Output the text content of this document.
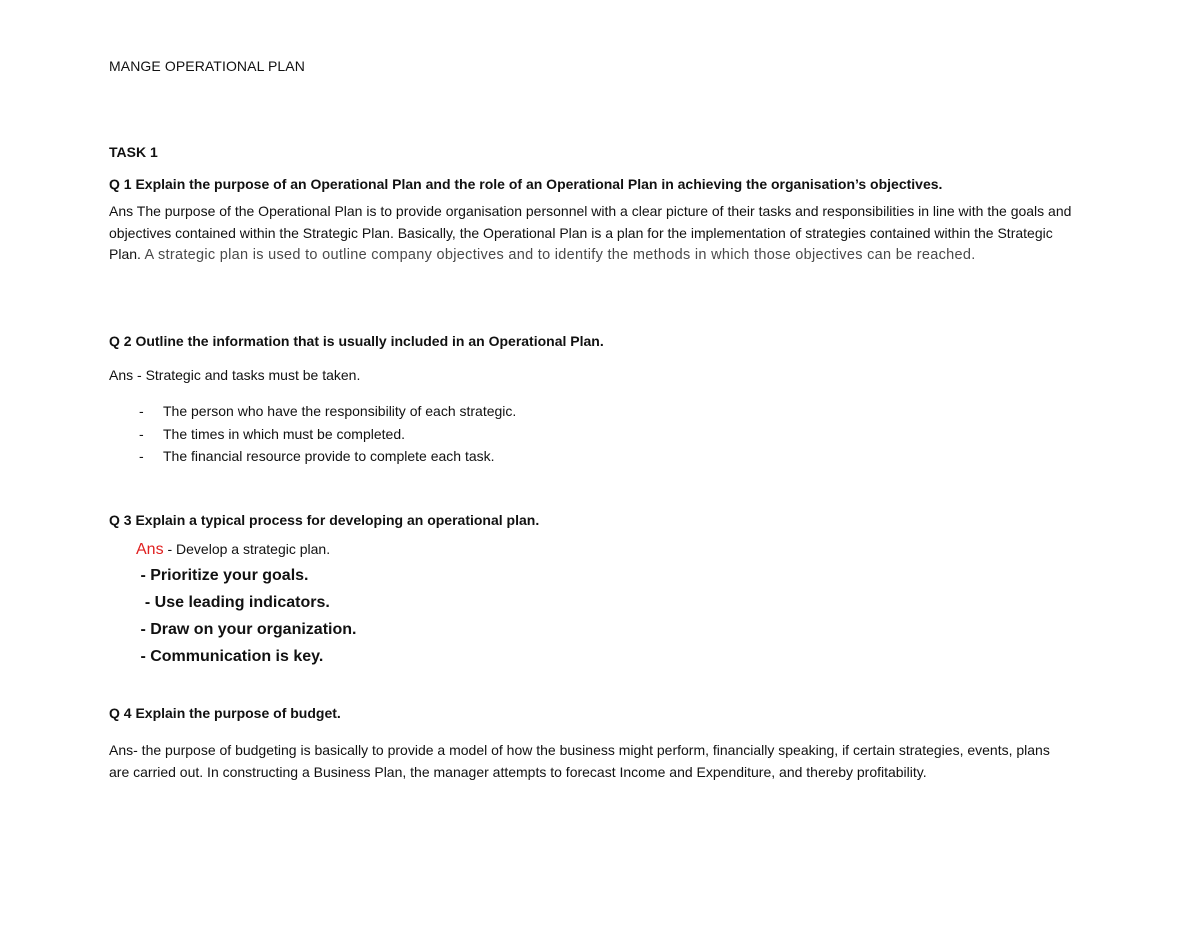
MANGE OPERATIONAL PLAN
TASK 1
Q 1 Explain the purpose of an Operational Plan and the role of an Operational Plan in achieving the organisation’s objectives.
Ans The purpose of the Operational Plan is to provide organisation personnel with a clear picture of their tasks and responsibilities in line with the goals and objectives contained within the Strategic Plan. Basically, the Operational Plan is a plan for the implementation of strategies contained within the Strategic Plan. A strategic plan is used to outline company objectives and to identify the methods in which those objectives can be reached.
Q 2 Outline the information that is usually included in an Operational Plan.
Ans - Strategic and tasks must be taken.
- The person who have the responsibility of each strategic.
- The times in which must be completed.
- The financial resource provide to complete each task.
Q 3 Explain a typical process for developing an operational plan.
Ans - Develop a strategic plan.
- Prioritize your goals.
- Use leading indicators.
- Draw on your organization.
- Communication is key.
Q 4 Explain the purpose of budget.
Ans- the purpose of budgeting is basically to provide a model of how the business might perform, financially speaking, if certain strategies, events, plans are carried out. In constructing a Business Plan, the manager attempts to forecast Income and Expenditure, and thereby profitability.
